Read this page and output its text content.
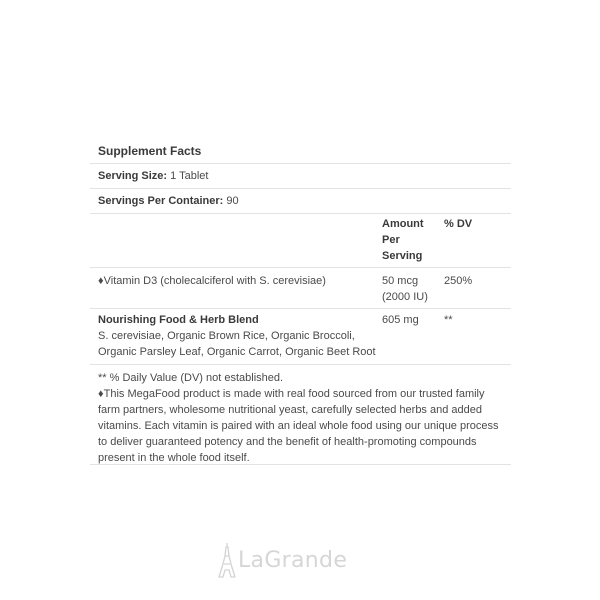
Supplement Facts
Serving Size: 1 Tablet
Servings Per Container: 90
Amount
Per
Serving
% DV
♦Vitamin D3 (cholecalciferol with S. cerevisiae)	50 mcg
(2000 IU)
250%
Nourishing Food & Herb Blend
S. cerevisiae, Organic Brown Rice, Organic Broccoli,
Organic Parsley Leaf, Organic Carrot, Organic Beet Root
605 mg	**

** % Daily Value (DV) not established.

♦This MegaFood product is made with real food sourced from our trusted family

farm partners, wholesome nutritional yeast, carefully selected herbs and added

vitamins. Each vitamin is paired with an ideal whole food using our unique process

to deliver guaranteed potency and the benefit of health-promoting compounds

present in the whole food itself.

LaGrande
